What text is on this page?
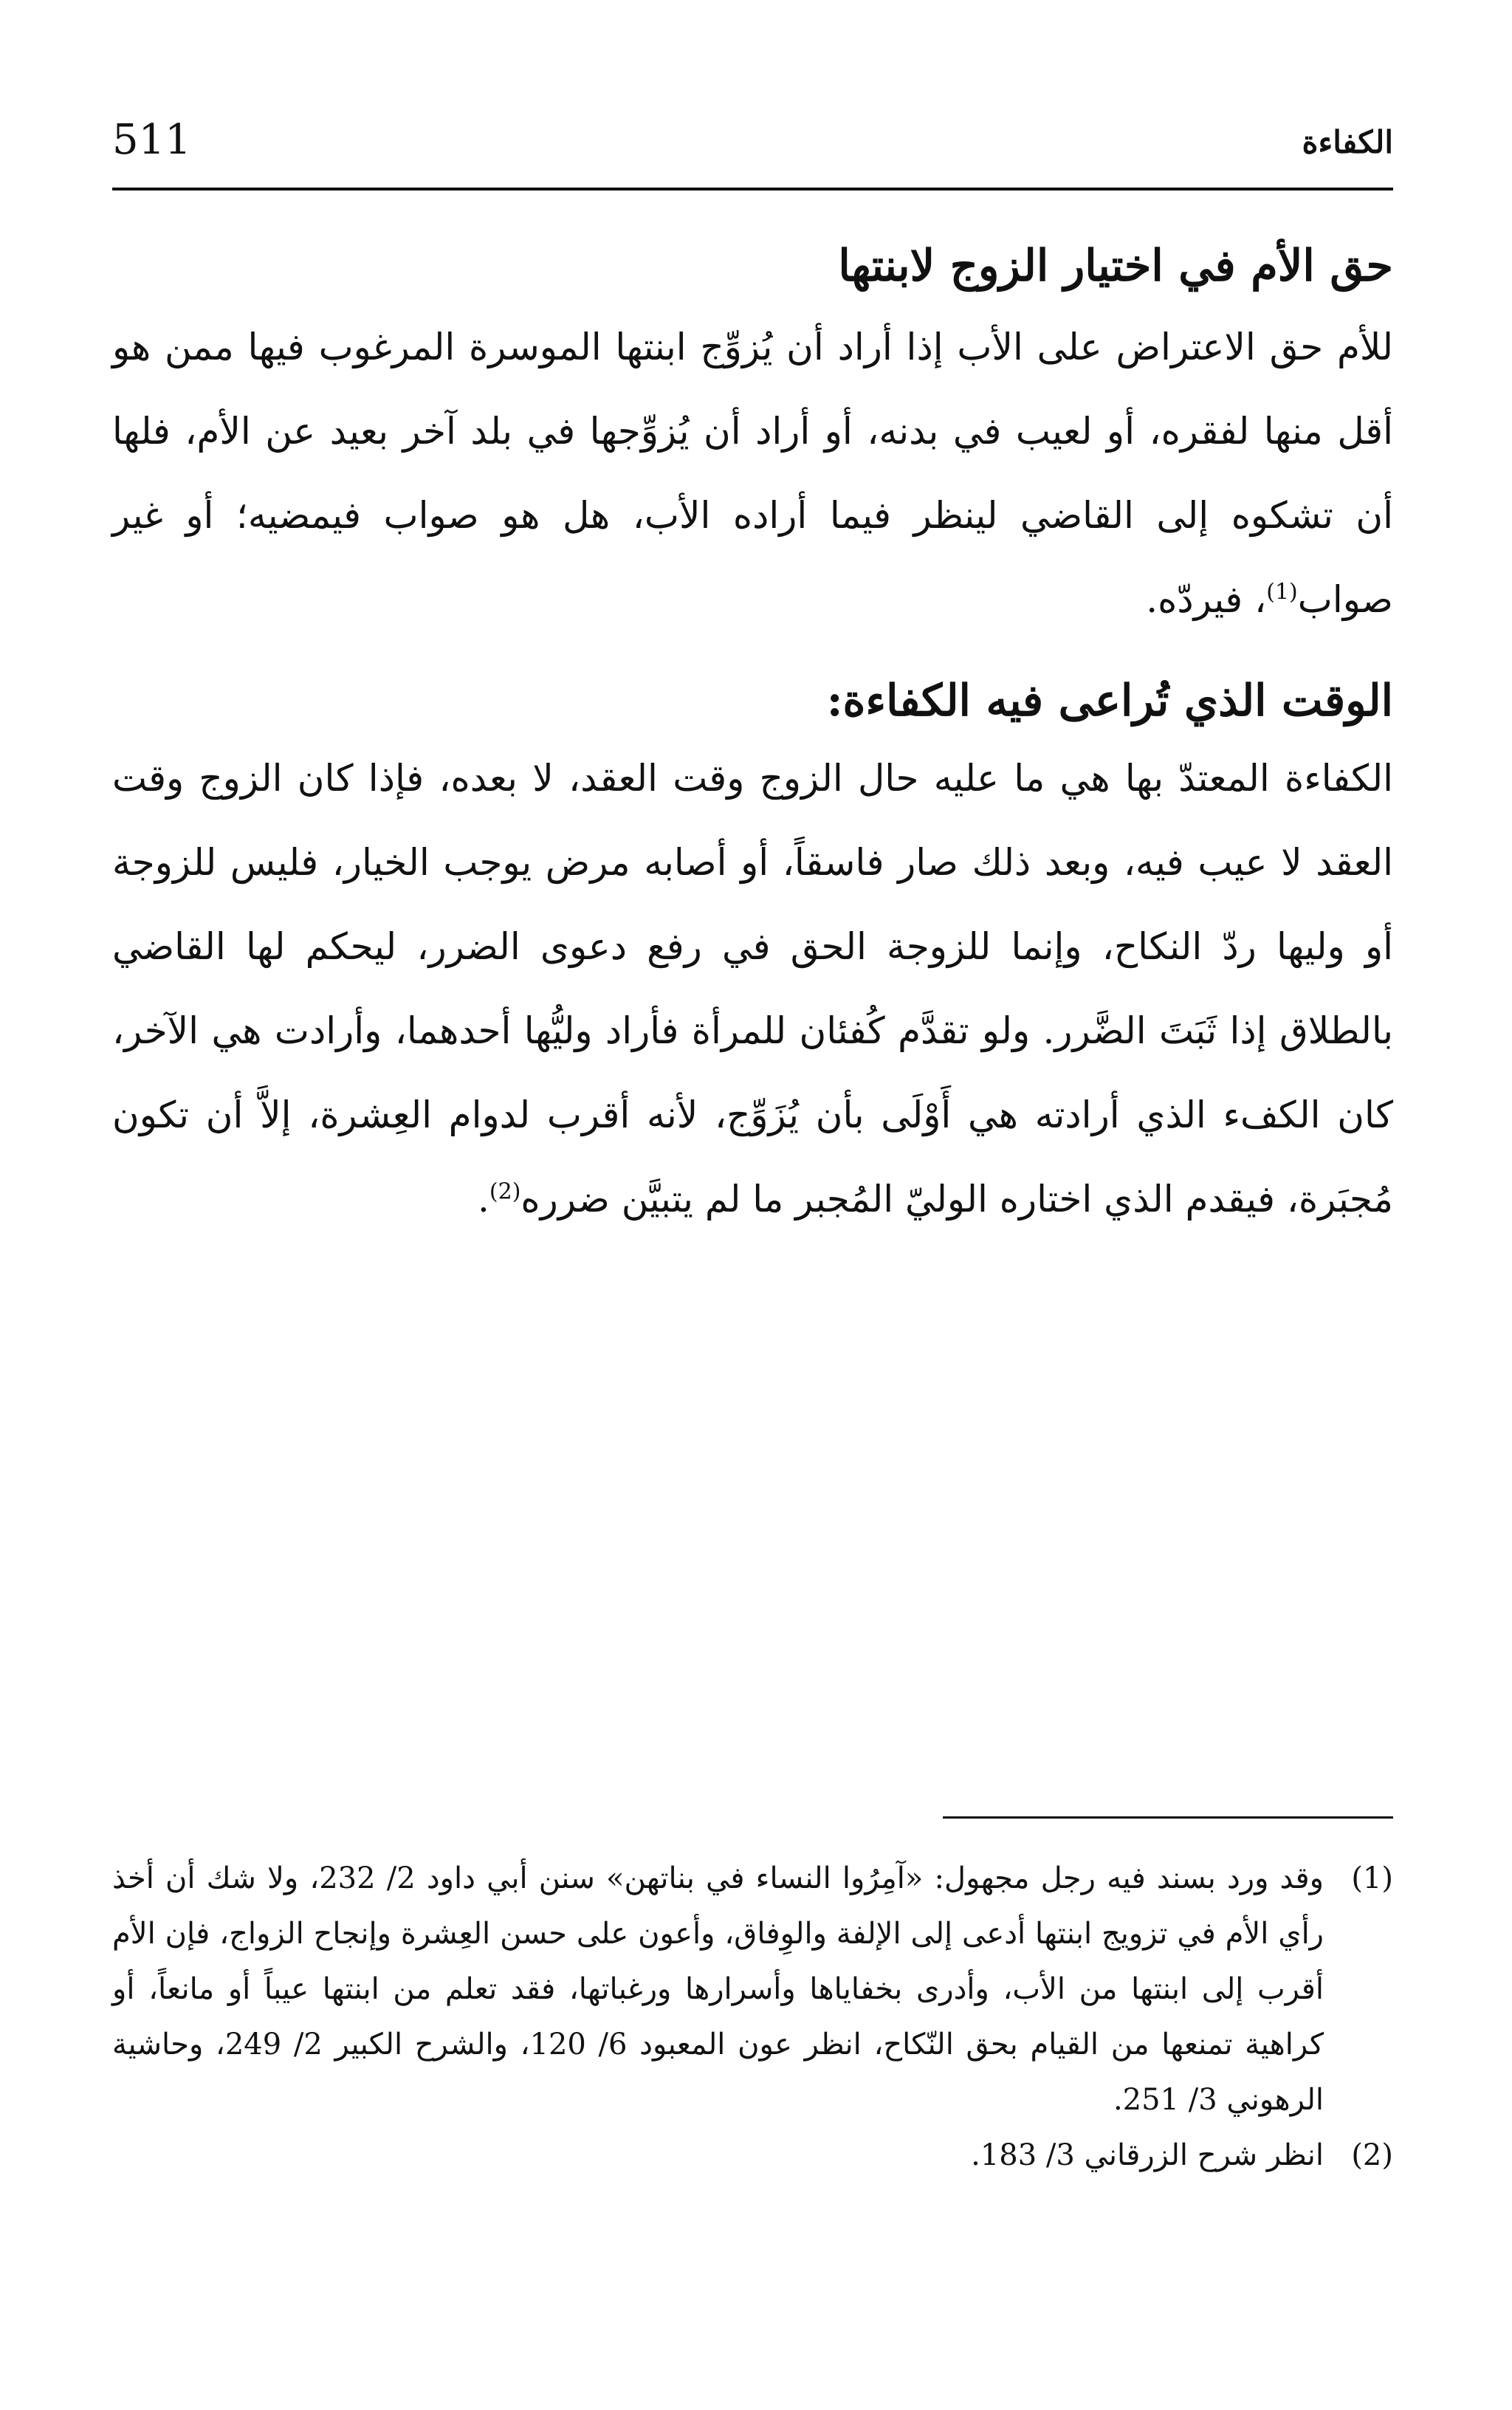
الكفاءة
511
حق الأم في اختيار الزوج لابنتها

للأم حق الاعتراض على الأب إذا أراد أن يُزوِّج ابنتها الموسرة المرغوب فيها ممن هو أقل منها لفقره، أو لعيب في بدنه، أو أراد أن يُزوِّجها في بلد آخر بعيد عن الأم، فلها أن تشكوه إلى القاضي لينظر فيما أراده الأب، هل هو صواب فيمضيه؛ أو غير صواب$^{(1)}$، فيردّه.

الوقت الذي تُراعى فيه الكفاءة:

الكفاءة المعتدّ بها هي ما عليه حال الزوج وقت العقد، لا بعده، فإذا كان الزوج وقت العقد لا عيب فيه، وبعد ذلك صار فاسقاً، أو أصابه مرض يوجب الخيار، فليس للزوجة أو وليها ردّ النكاح، وإنما للزوجة الحق في رفع دعوى الضرر، ليحكم لها القاضي بالطلاق إذا ثَبَتَ الضَّرر. ولو تقدَّم كُفئان للمرأة فأراد وليُّها أحدهما، وأرادت هي الآخر، كان الكفء الذي أرادته هي أَوْلَى بأن يُزَوِّج، لأنه أقرب لدوام العِشرة، إلاَّ أن تكون مُجبَرة، فيقدم الذي اختاره الوليّ المُجبر ما لم يتبيَّن ضرره$^{(2)}$.

(1)
وقد ورد بسند فيه رجل مجهول: «آمِرُوا النساء في بناتهن» سنن أبي داود 2/ 232، ولا شك أن أخذ رأي الأم في تزويج ابنتها أدعى إلى الإلفة والوِفاق، وأعون على حسن العِشرة وإنجاح الزواج، فإن الأم أقرب إلى ابنتها من الأب، وأدرى بخفاياها وأسرارها ورغباتها، فقد تعلم من ابنتها عيباً أو مانعاً، أو كراهية تمنعها من القيام بحق النّكاح، انظر عون المعبود 6/ 120، والشرح الكبير 2/ 249، وحاشية الرهوني 3/ 251.
(2)
انظر شرح الزرقاني 3/ 183.
